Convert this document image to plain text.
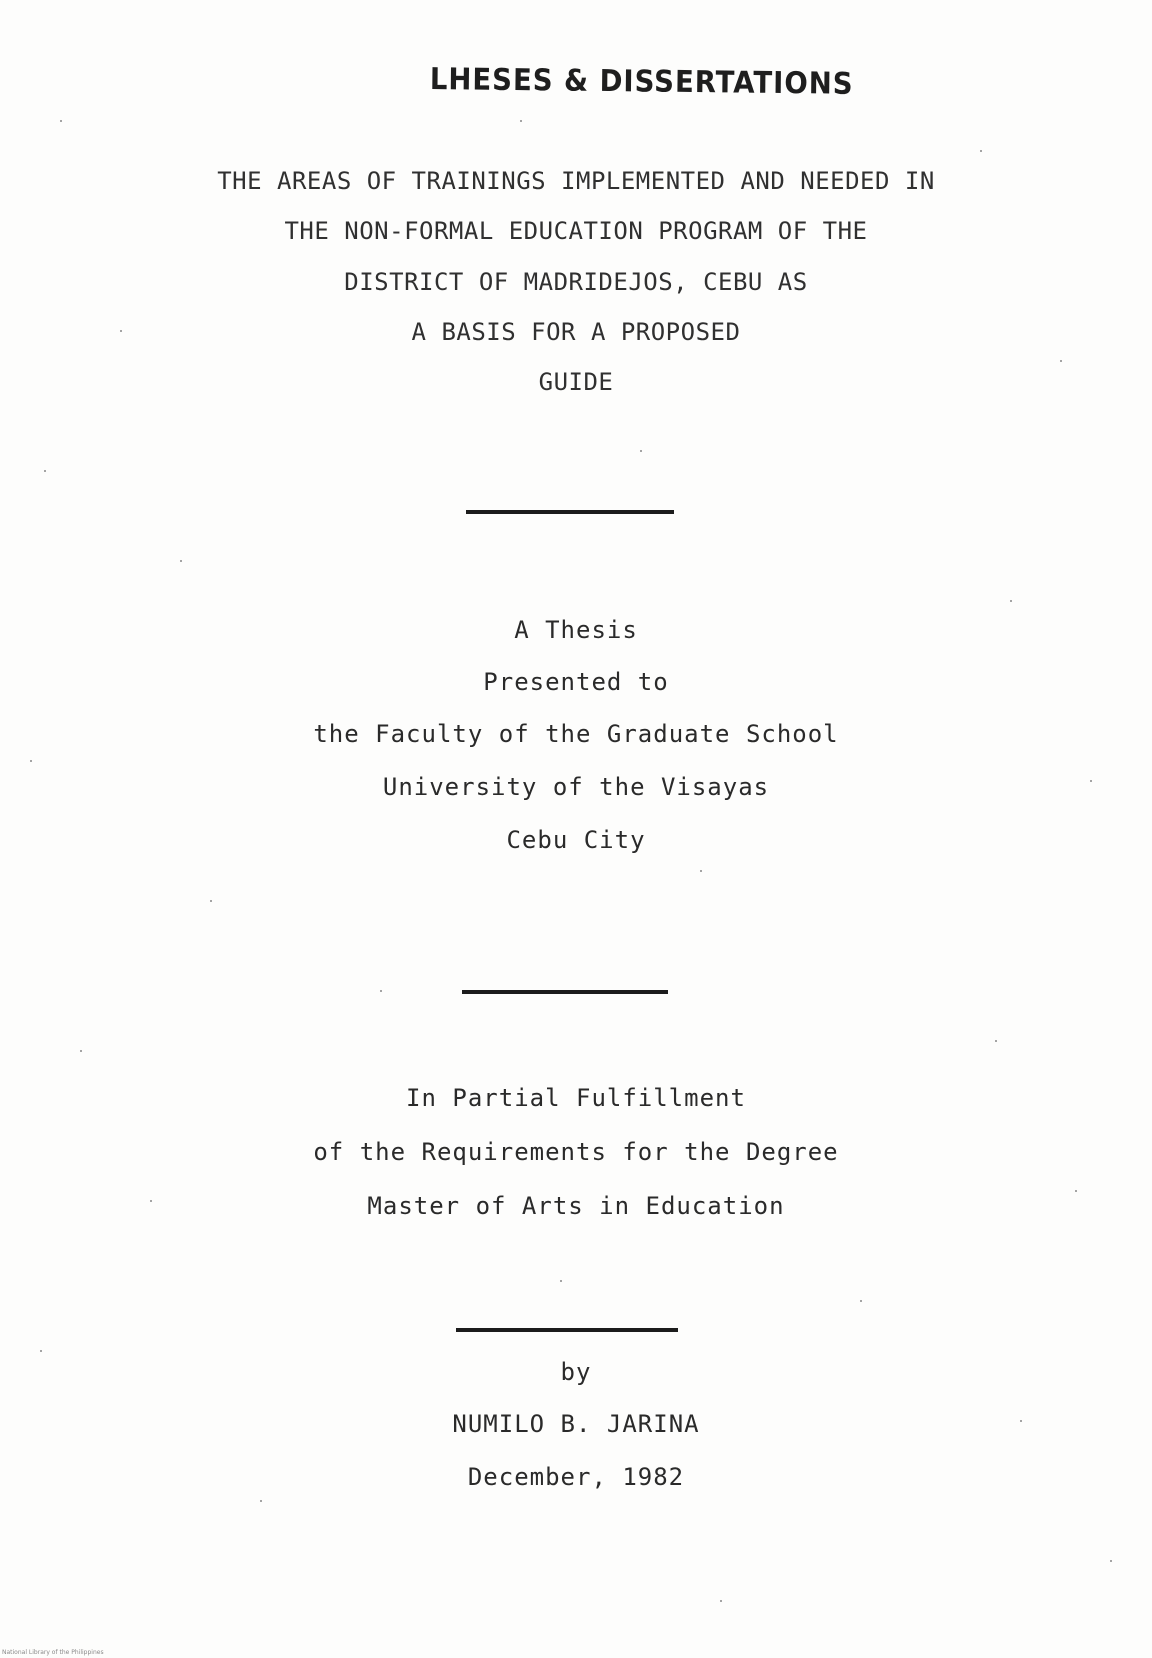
LHESES & DISSERTATIONS
THE AREAS OF TRAININGS IMPLEMENTED AND NEEDED IN
THE NON-FORMAL EDUCATION PROGRAM OF THE
DISTRICT OF MADRIDEJOS, CEBU AS
A BASIS FOR A PROPOSED
GUIDE
A Thesis
Presented to
the Faculty of the Graduate School
University of the Visayas
Cebu City
In Partial Fulfillment
of the Requirements for the Degree
Master of Arts in Education
by
NUMILO B. JARINA
December, 1982
National Library of the Philippines
